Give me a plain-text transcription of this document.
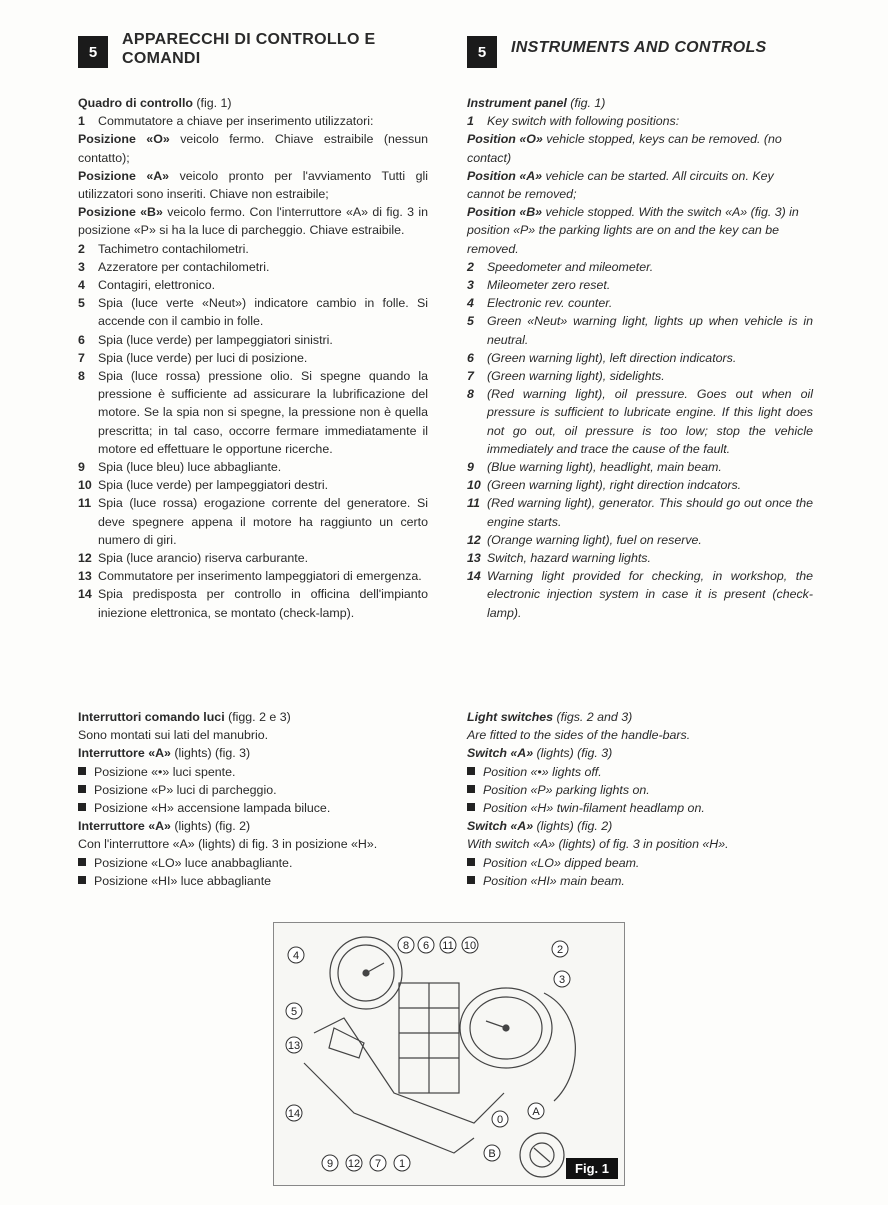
5
APPARECCHI DI CONTROLLO E
COMANDI

Quadro di controllo (fig. 1)

1	Commutatore a chiave per inserimento utilizzatori:

Posizione «O» veicolo fermo. Chiave estraibile (nessun contatto);

Posizione «A» veicolo pronto per l'avviamento Tutti gli utilizzatori sono inseriti. Chiave non estraibile;

Posizione «B» veicolo fermo. Con l'interruttore «A» di fig. 3 in posizione «P» si ha la luce di parcheggio. Chiave estraibile.

2	Tachimetro contachilometri.
3	Azzeratore per contachilometri.
4	Contagiri, elettronico.
5	Spia (luce verte «Neut») indicatore cambio in folle. Si accende con il cambio in folle.
6	Spia (luce verde) per lampeggiatori sinistri.
7	Spia (luce verde) per luci di posizione.
8	Spia (luce rossa) pressione olio. Si spegne quando la pressione è sufficiente ad assicurare la lubrificazione del motore. Se la spia non si spegne, la pressione non è quella prescritta; in tal caso, occorre fermare immediatamente il motore ed effettuare le opportune ricerche.
9	Spia (luce bleu) luce abbagliante.
10 Spia (luce verde) per lampeggiatori destri.
11 Spia (luce rossa) erogazione corrente del generatore. Si deve spegnere appena il motore ha raggiunto un certo numero di giri.
12 Spia (luce arancio) riserva carburante.
13 Commutatore per inserimento lampeggiatori di emergenza.
14 Spia predisposta per controllo in officina dell'impianto iniezione elettronica, se montato (check-lamp).
5	INSTRUMENTS AND CONTROLS

Instrument panel (fig. 1)

1	Key switch with following positions:

Position «O» vehicle stopped, keys can be removed. (no contact)

Position «A» vehicle can be started. All circuits on. Key cannot be removed;

Position «B» vehicle stopped. With the switch «A» (fig. 3) in position «P» the parking lights are on and the key can be removed.

2	Speedometer and mileometer.
3	Mileometer zero reset.
4	Electronic rev. counter.
5	Green «Neut» warning light, lights up when vehicle is in neutral.
6	(Green warning light), left direction indicators.
7	(Green warning light), sidelights.
8	(Red warning light), oil pressure. Goes out when oil pressure is sufficient to lubricate engine. If this light does not go out, oil pressure is too low; stop the vehicle immediately and trace the cause of the fault.
9	(Blue warning light), headlight, main beam.
10 (Green warning light), right direction indcators.
11 (Red warning light), generator. This should go out once the engine starts.
12 (Orange warning light), fuel on reserve.
13 Switch, hazard warning lights.
14 Warning light provided for checking, in workshop, the electronic injection system in case it is present (check-lamp).

Interruttori comando luci (figg. 2 e 3)

Sono montati sui lati del manubrio.

Interruttore «A» (lights) (fig. 3)

Posizione «•» luci spente.
Posizione «P» luci di parcheggio.
Posizione «H» accensione lampada biluce.

Interruttore «A» (lights) (fig. 2)

Con l'interruttore «A» (lights) di fig. 3 in posizione «H».

Posizione «LO» luce anabbagliante.
Posizione «HI» luce abbagliante

Light switches (figs. 2 and 3)

Are fitted to the sides of the handle-bars.

Switch «A» (lights) (fig. 3)

Position «•» lights off.
Position «P» parking lights on.
Position «H» twin-filament headlamp on.

Switch «A» (lights) (fig. 2)

With switch «A» (lights) of fig. 3 in position «H».

Position «LO» dipped beam.
Position «HI» main beam.
4
8 6 11 10	2
3
5
13
14
9 12 7 1
0
A
B
Fig. 1
